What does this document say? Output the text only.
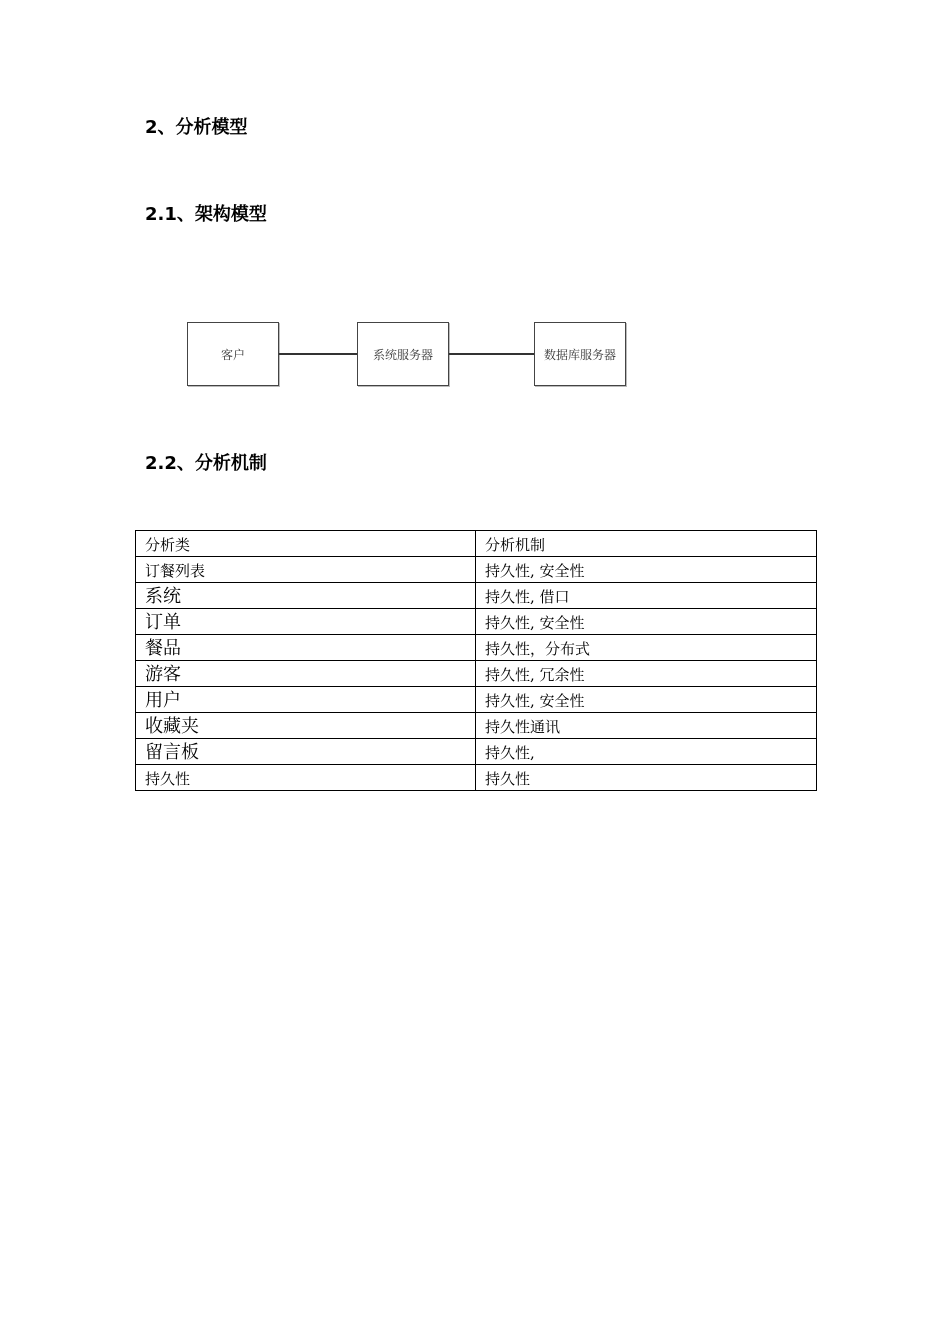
2、分析模型
2.1、架构模型
客户	系统服务器	数据库服务器
2.2、分析机制
分析类	分析机制
订餐列表	持久性, 安全性
系统	持久性, 借口
订单	持久性, 安全性
餐品	持久性，分布式
游客	持久性, 冗余性
用户	持久性, 安全性
收藏夹	持久性通讯
留言板	持久性,
持久性	持久性
